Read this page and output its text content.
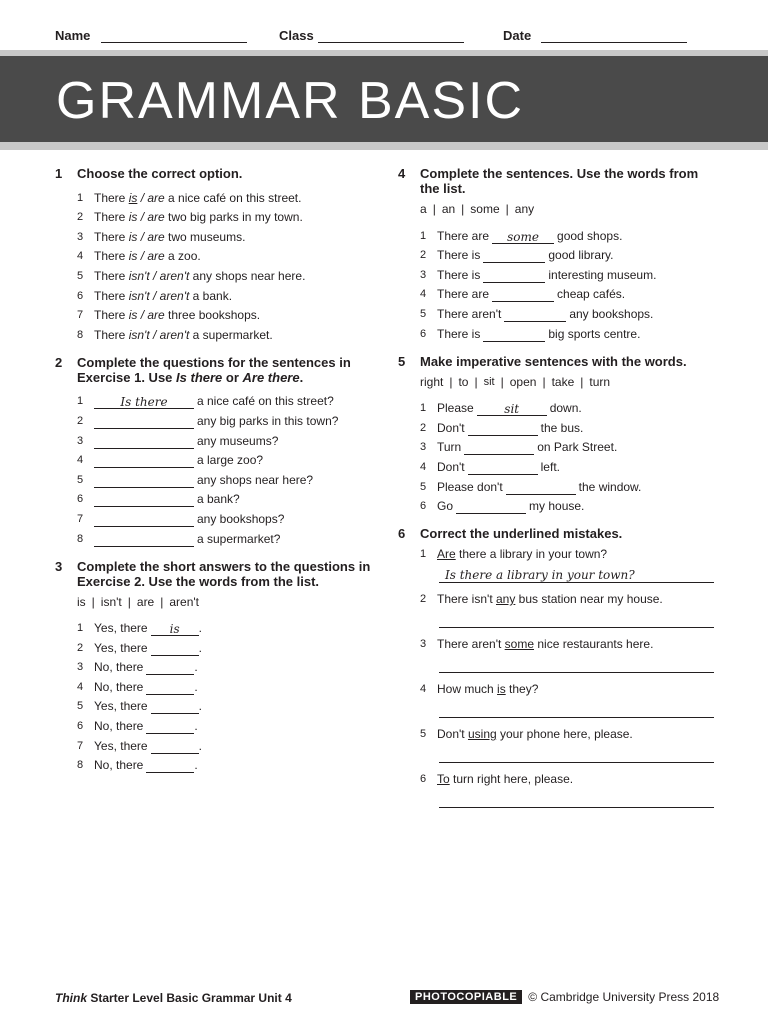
Name	Class	Date
GRAMMAR BASIC
1	Choose the correct option.
1 There is / are a nice café on this street.
2 There is / are two big parks in my town.
3 There is / are two museums.
4 There is / are a zoo.
5 There isn't / aren't any shops near here.
6 There isn't / aren't a bank.
7 There is / are three bookshops.
8 There isn't / aren't a supermarket.
2	Complete the questions for the sentences in Exercise 1. Use Is there or Are there.
1	Is there	a nice café on this street?
2	any big parks in this town?
3	any museums?
4	a large zoo?
5	any shops near here?
6	a bank?
7	any bookshops?
8	a supermarket?
3	Complete the short answers to the questions in Exercise 2. Use the words from the list.
is | isn't | are | aren't
1 Yes, there	is	.
2 Yes, there	.
3 No, there	.
4 No, there	.
5 Yes, there	.
6 No, there	.
7 Yes, there	.
8 No, there	.
4	Complete the sentences. Use the words from the list.
a | an | some | any
1 There are	some	good shops.
2 There is	good library.
3 There is	interesting museum.
4 There are	cheap cafés.
5 There aren't	any bookshops.
6 There is	big sports centre.
5	Make imperative sentences with the words.
right | to | sit | open | take | turn
1 Please	sit	down.
2 Don't	the bus.
3 Turn	on Park Street.
4 Don't	left.
5 Please don't	the window.
6 Go	my house.
6	Correct the underlined mistakes.
1 Are there a library in your town?
Is there a library in your town?
2 There isn't any bus station near my house.
3 There aren't some nice restaurants here.
4 How much is they?
5 Don't using your phone here, please.
6 To turn right here, please.
Think Starter Level Basic Grammar Unit 4	PHOTOCOPIABLE © Cambridge University Press 2018
